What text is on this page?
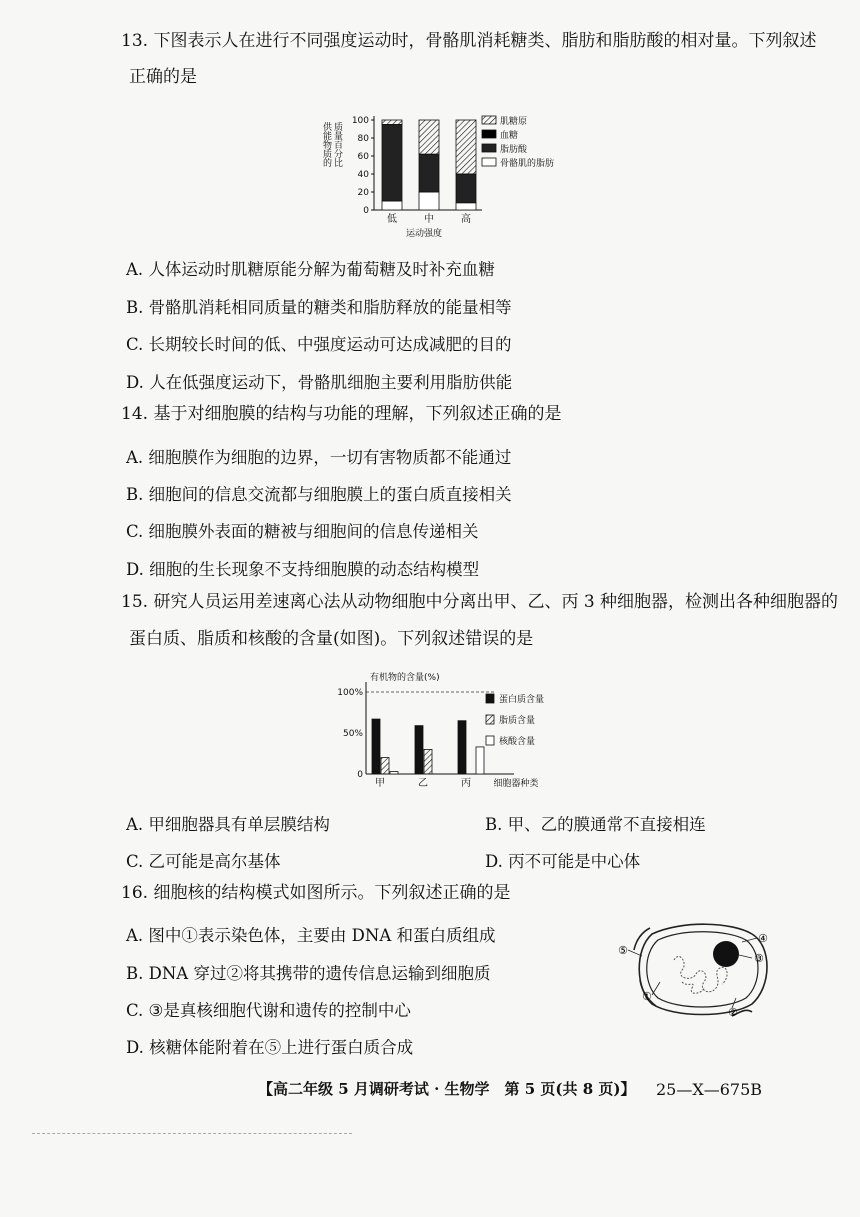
13. 下图表示人在进行不同强度运动时，骨骼肌消耗糖类、脂肪和脂肪酸的相对量。下列叙述
正确的是
供能物质的 质量百分比
0
20
40
60
80
100
低	中	高
运动强度
肌糖原
血糖
脂肪酸
骨骼肌的脂肪
A. 人体运动时肌糖原能分解为葡萄糖及时补充血糖
B. 骨骼肌消耗相同质量的糖类和脂肪释放的能量相等
C. 长期较长时间的低、中强度运动可达成减肥的目的
D. 人在低强度运动下，骨骼肌细胞主要利用脂肪供能
14. 基于对细胞膜的结构与功能的理解，下列叙述正确的是
A. 细胞膜作为细胞的边界，一切有害物质都不能通过
B. 细胞间的信息交流都与细胞膜上的蛋白质直接相关
C. 细胞膜外表面的糖被与细胞间的信息传递相关
D. 细胞的生长现象不支持细胞膜的动态结构模型
15. 研究人员运用差速离心法从动物细胞中分离出甲、乙、丙 3 种细胞器，检测出各种细胞器的
蛋白质、脂质和核酸的含量(如图)。下列叙述错误的是
有机物的含量(%)
0
50%
100%
甲	乙	丙 细胞器种类
蛋白质含量
脂质含量
核酸含量
A. 甲细胞器具有单层膜结构	B. 甲、乙的膜通常不直接相连
C. 乙可能是高尔基体	D. 丙不可能是中心体
16. 细胞核的结构模式如图所示。下列叙述正确的是
A. 图中①表示染色体，主要由 DNA 和蛋白质组成
B. DNA 穿过②将其携带的遗传信息运输到细胞质
C. ③是真核细胞代谢和遗传的控制中心
D. 核糖体能附着在⑤上进行蛋白质合成
①
②
③
④
⑤
【高二年级 5 月调研考试 · 生物学　第 5 页(共 8 页)】 25—X—675B
